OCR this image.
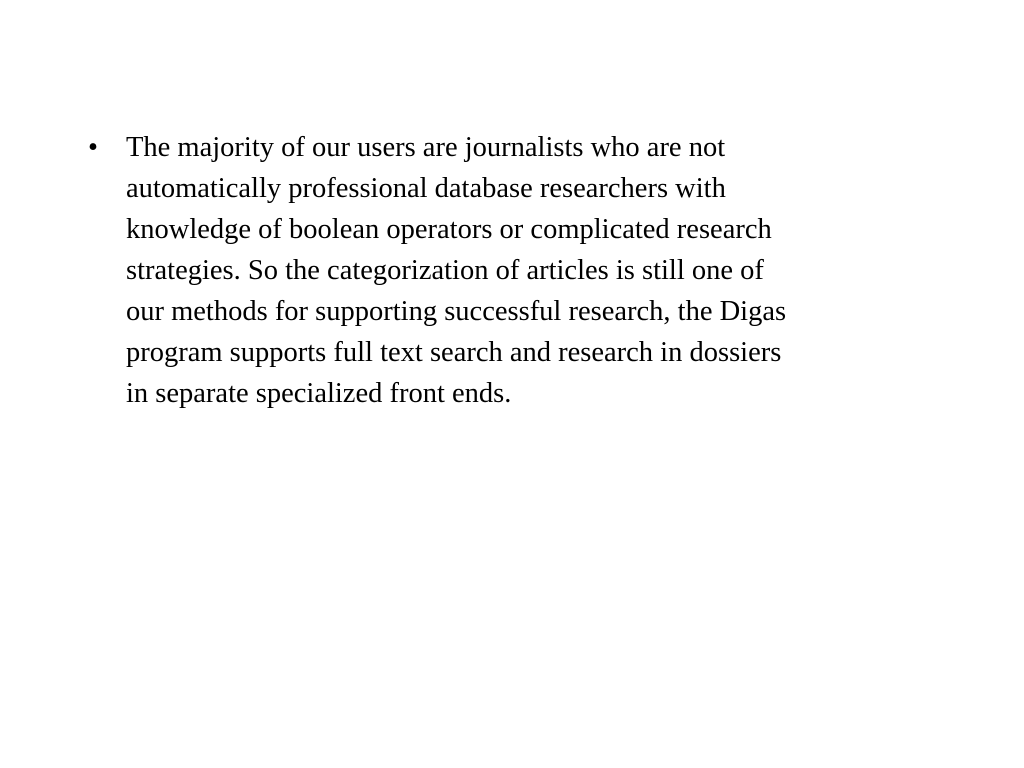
• The majority of our users are journalists who are not
automatically professional database researchers with
knowledge of boolean operators or complicated research
strategies. So the categorization of articles is still one of
our methods for supporting successful research, the Digas
program supports full text search and research in dossiers
in separate specialized front ends.
